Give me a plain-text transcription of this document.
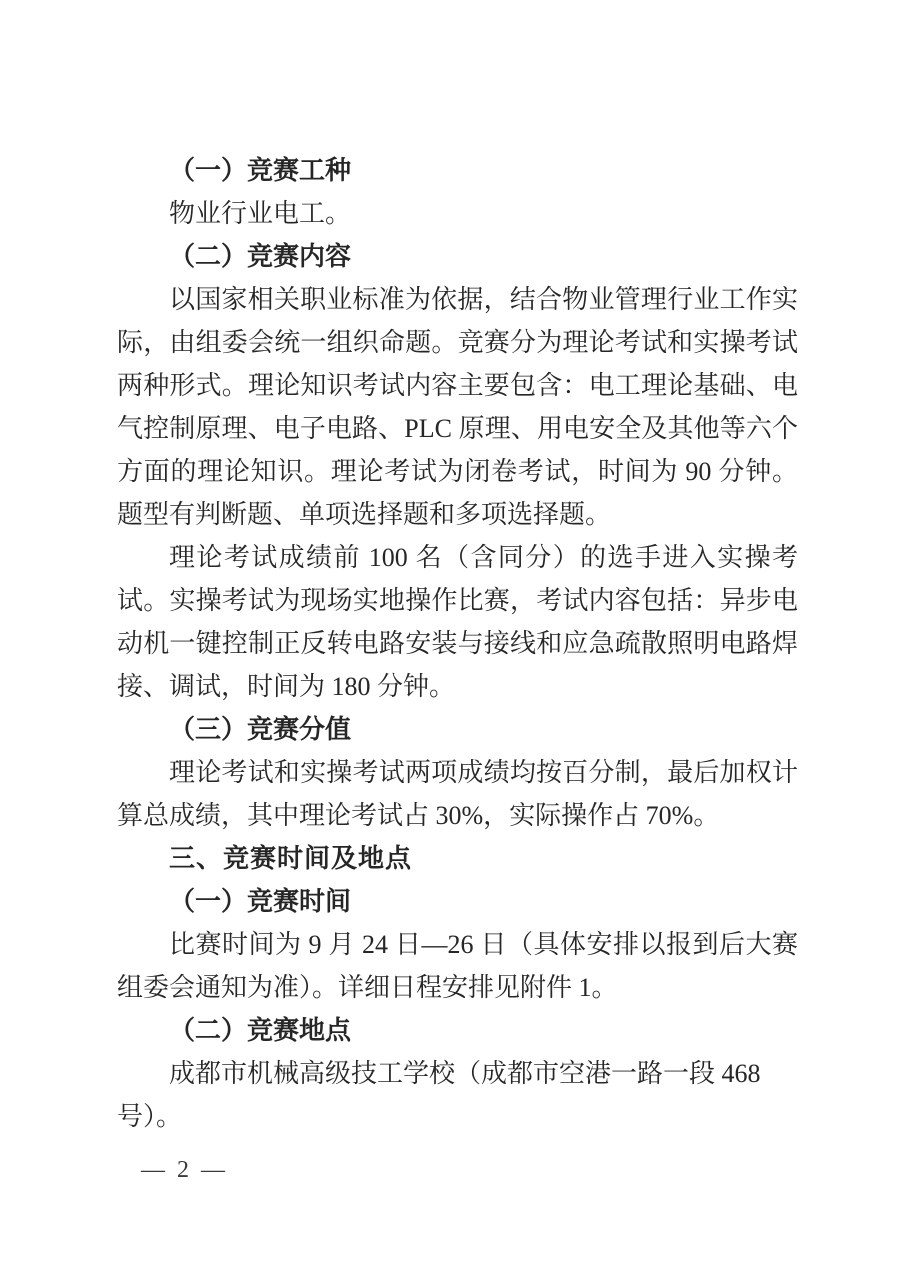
（一）竞赛工种
物业行业电工。
（二）竞赛内容
以国家相关职业标准为依据，结合物业管理行业工作实际，由组委会统一组织命题。竞赛分为理论考试和实操考试两种形式。理论知识考试内容主要包含：电工理论基础、电气控制原理、电子电路、PLC 原理、用电安全及其他等六个方面的理论知识。理论考试为闭卷考试，时间为 90 分钟。题型有判断题、单项选择题和多项选择题。
理论考试成绩前 100 名（含同分）的选手进入实操考试。实操考试为现场实地操作比赛，考试内容包括：异步电动机一键控制正反转电路安装与接线和应急疏散照明电路焊接、调试，时间为 180 分钟。
（三）竞赛分值
理论考试和实操考试两项成绩均按百分制，最后加权计算总成绩，其中理论考试占 30%，实际操作占 70%。
三、竞赛时间及地点
（一）竞赛时间
比赛时间为 9 月 24 日—26 日（具体安排以报到后大赛组委会通知为准）。详细日程安排见附件 1。
（二）竞赛地点
成都市机械高级技工学校（成都市空港一路一段 468 号）。
— 2 —
